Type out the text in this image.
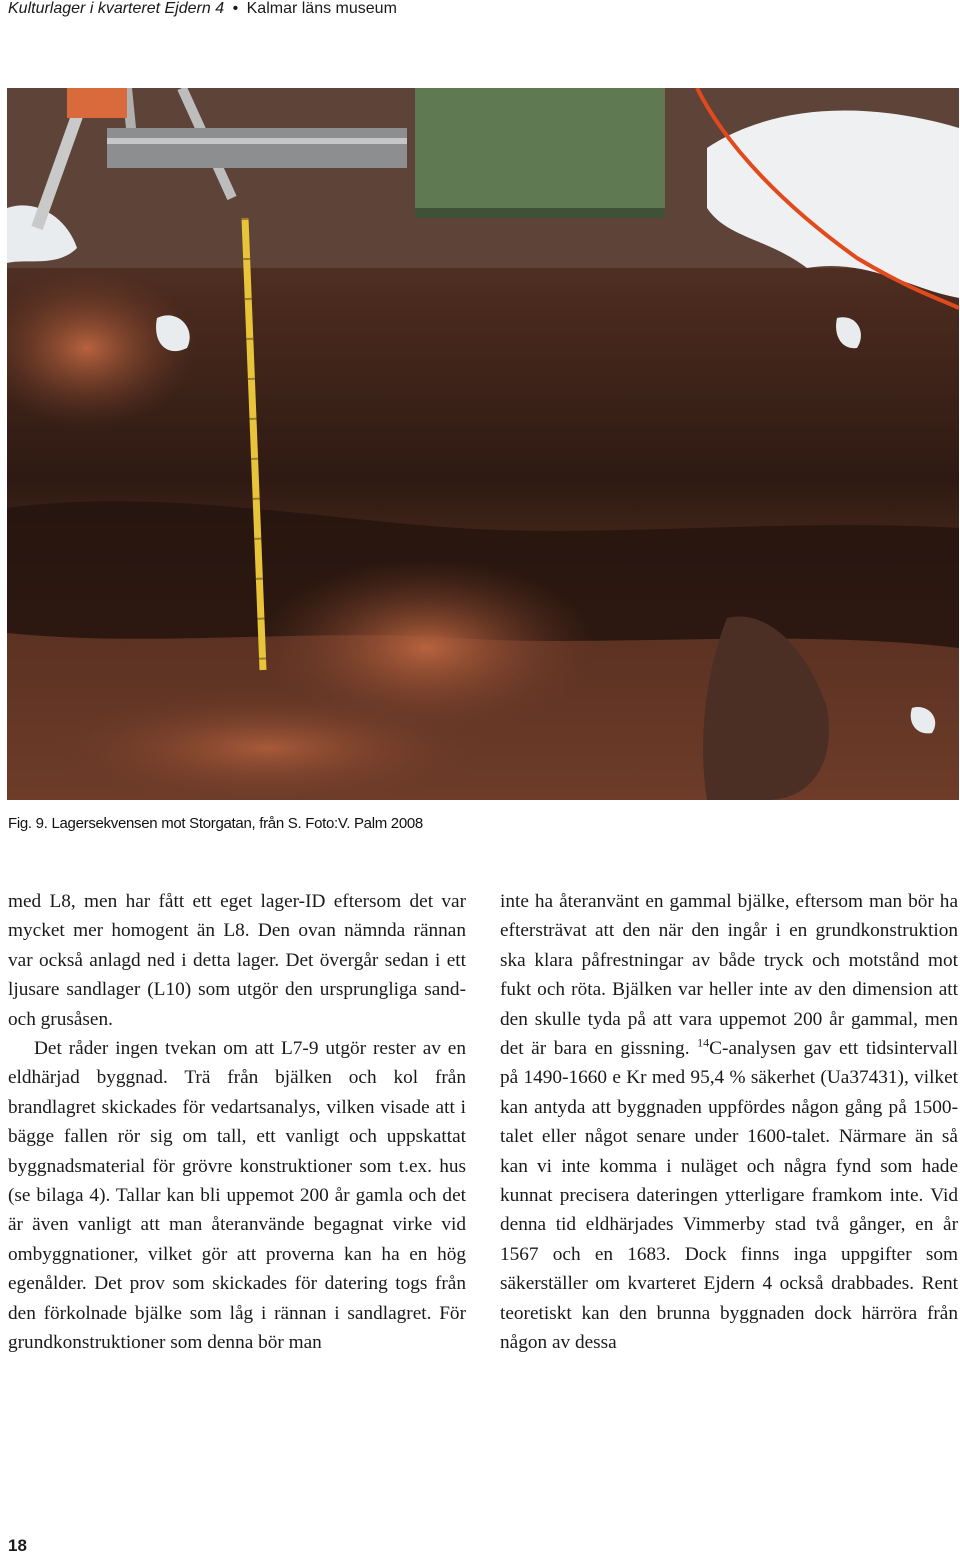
Kulturlager i kvarteret Ejdern 4 • Kalmar läns museum
Fig. 9. Lagersekvensen mot Storgatan, från S. Foto:V. Palm 2008

med L8, men har fått ett eget lager-ID eftersom det var mycket mer homogent än L8. Den ovan nämnda rännan var också anlagd ned i detta lager. Det övergår sedan i ett ljusare sandlager (L10) som utgör den ursprungliga sand- och grusåsen.

Det råder ingen tvekan om att L7-9 utgör rester av en eldhärjad byggnad. Trä från bjälken och kol från brandlagret skickades för vedartsanalys, vilken visade att i bägge fallen rör sig om tall, ett vanligt och uppskattat byggnadsmaterial för grövre konstruktioner som t.ex. hus (se bilaga 4). Tallar kan bli uppemot 200 år gamla och det är även vanligt att man återanvände begagnat virke vid ombyggnationer, vilket gör att proverna kan ha en hög egenålder. Det prov som skickades för datering togs från den förkolnade bjälke som låg i rännan i sandlagret. För grundkonstruktioner som denna bör man

inte ha återanvänt en gammal bjälke, eftersom man bör ha eftersträvat att den när den ingår i en grundkonstruktion ska klara påfrestningar av både tryck och motstånd mot fukt och röta. Bjälken var heller inte av den dimension att den skulle tyda på att vara uppemot 200 år gammal, men det är bara en gissning. $^{14}$C-analysen gav ett tidsintervall på 1490-1660 e Kr med 95,4 % säkerhet (Ua37431), vilket kan antyda att byggnaden uppfördes någon gång på 1500-talet eller något senare under 1600-talet. Närmare än så kan vi inte komma i nuläget och några fynd som hade kunnat precisera dateringen ytterligare framkom inte. Vid denna tid eldhärjades Vimmerby stad två gånger, en år 1567 och en 1683. Dock finns inga uppgifter som säkerställer om kvarteret Ejdern 4 också drabbades. Rent teoretiskt kan den brunna byggnaden dock härröra från någon av dessa

18
